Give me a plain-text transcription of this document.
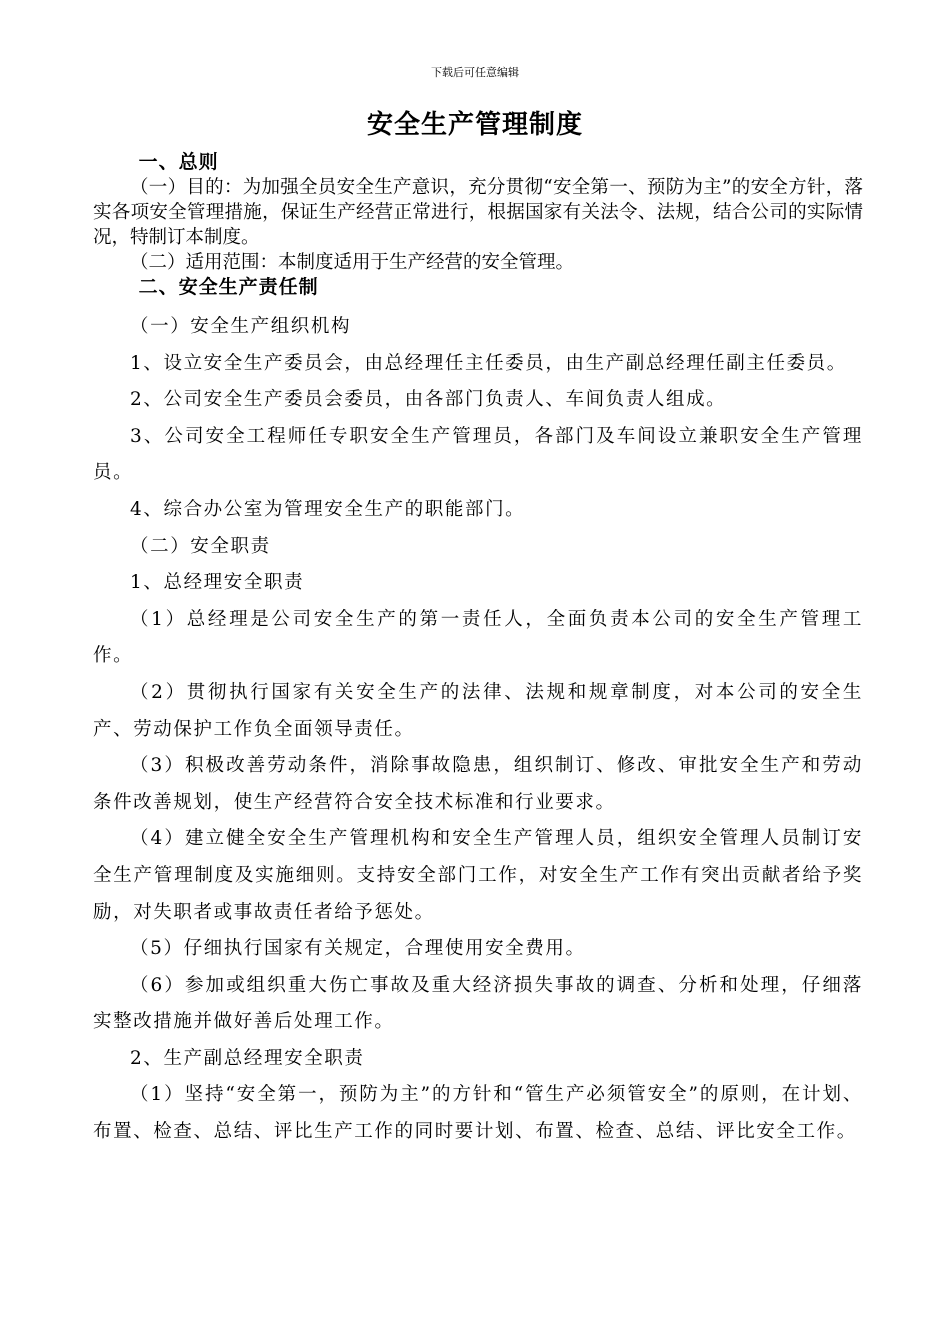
下载后可任意编辑
安全生产管理制度

一、总则

（一）目的：为加强全员安全生产意识，充分贯彻“安全第一、预防为主”的安全方针，落实各项安全管理措施，保证生产经营正常进行，根据国家有关法令、法规，结合公司的实际情况，特制订本制度。

（二）适用范围：本制度适用于生产经营的安全管理。

二、安全生产责任制

（一）安全生产组织机构

1、设立安全生产委员会，由总经理任主任委员，由生产副总经理任副主任委员。

2、公司安全生产委员会委员，由各部门负责人、车间负责人组成。

3、公司安全工程师任专职安全生产管理员，各部门及车间设立兼职安全生产管理员。

4、综合办公室为管理安全生产的职能部门。

（二）安全职责

1、总经理安全职责

（1）总经理是公司安全生产的第一责任人，全面负责本公司的安全生产管理工作。

（2）贯彻执行国家有关安全生产的法律、法规和规章制度，对本公司的安全生产、劳动保护工作负全面领导责任。

（3）积极改善劳动条件，消除事故隐患，组织制订、修改、审批安全生产和劳动条件改善规划，使生产经营符合安全技术标准和行业要求。

（4）建立健全安全生产管理机构和安全生产管理人员，组织安全管理人员制订安全生产管理制度及实施细则。支持安全部门工作，对安全生产工作有突出贡献者给予奖励，对失职者或事故责任者给予惩处。

（5）仔细执行国家有关规定，合理使用安全费用。

（6）参加或组织重大伤亡事故及重大经济损失事故的调查、分析和处理，仔细落实整改措施并做好善后处理工作。

2、生产副总经理安全职责

（1）坚持“安全第一，预防为主”的方针和“管生产必须管安全”的原则，在计划、布置、检查、总结、评比生产工作的同时要计划、布置、检查、总结、评比安全工作。
